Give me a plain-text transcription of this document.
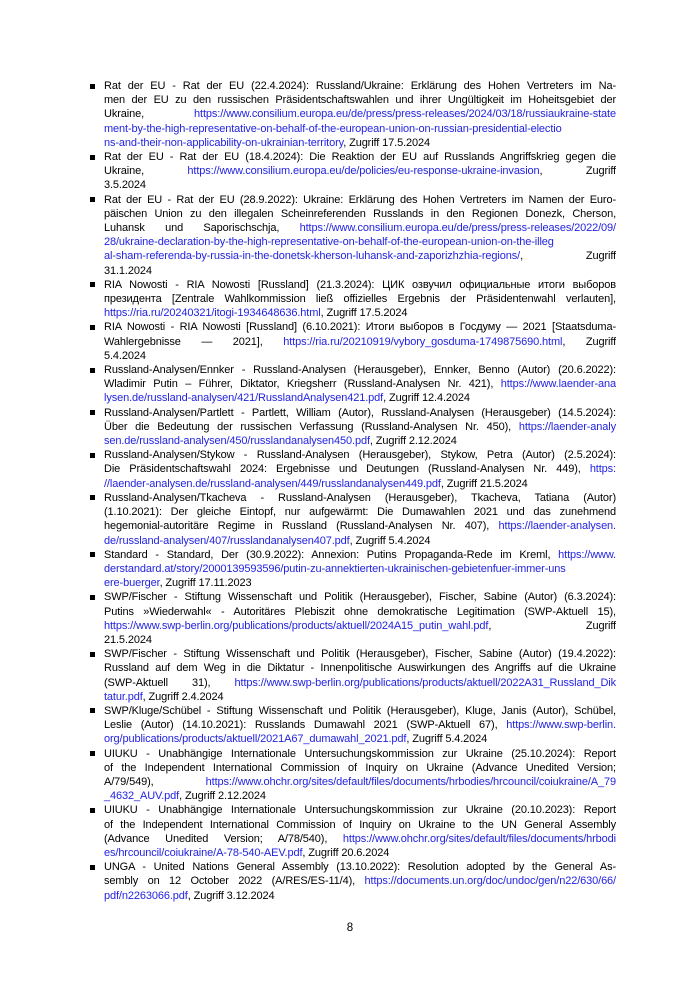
Rat der EU - Rat der EU (22.4.2024): Russland/Ukraine: Erklärung des Hohen Vertreters im Na-
men der EU zu den russischen Präsidentschaftswahlen und ihrer Ungültigkeit im Hoheitsgebiet der
Ukraine, https://www.consilium.europa.eu/de/press/press-releases/2024/03/18/russiaukraine-state
ment-by-the-high-representative-on-behalf-of-the-european-union-on-russian-presidential-electio
ns-and-their-non-applicability-on-ukrainian-territory, Zugriff 17.5.2024
Rat der EU - Rat der EU (18.4.2024): Die Reaktion der EU auf Russlands Angriffskrieg gegen die
Ukraine, https://www.consilium.europa.eu/de/policies/eu-response-ukraine-invasion, Zugriff
3.5.2024
Rat der EU - Rat der EU (28.9.2022): Ukraine: Erklärung des Hohen Vertreters im Namen der Euro-
päischen Union zu den illegalen Scheinreferenden Russlands in den Regionen Donezk, Cherson,
Luhansk und Saporischschja, https://www.consilium.europa.eu/de/press/press-releases/2022/09/
28/ukraine-declaration-by-the-high-representative-on-behalf-of-the-european-union-on-the-illeg
al-sham-referenda-by-russia-in-the-donetsk-kherson-luhansk-and-zaporizhzhia-regions/, Zugriff
31.1.2024
RIA Nowosti - RIA Nowosti [Russland] (21.3.2024): ЦИК озвучил официальные итоги выборов
президента [Zentrale Wahlkommission ließ offizielles Ergebnis der Präsidentenwahl verlauten],
https://ria.ru/20240321/itogi-1934648636.html, Zugriff 17.5.2024
RIA Nowosti - RIA Nowosti [Russland] (6.10.2021): Итоги выборов в Госдуму — 2021 [Staatsduma-
Wahlergebnisse — 2021], https://ria.ru/20210919/vybory_gosduma-1749875690.html, Zugriff
5.4.2024
Russland-Analysen/Ennker - Russland-Analysen (Herausgeber), Ennker, Benno (Autor) (20.6.2022):
Wladimir Putin – Führer, Diktator, Kriegsherr (Russland-Analysen Nr. 421), https://www.laender-ana
lysen.de/russland-analysen/421/RusslandAnalysen421.pdf, Zugriff 12.4.2024
Russland-Analysen/Partlett - Partlett, William (Autor), Russland-Analysen (Herausgeber) (14.5.2024):
Über die Bedeutung der russischen Verfassung (Russland-Analysen Nr. 450), https://laender-analy
sen.de/russland-analysen/450/russlandanalysen450.pdf, Zugriff 2.12.2024
Russland-Analysen/Stykow - Russland-Analysen (Herausgeber), Stykow, Petra (Autor) (2.5.2024):
Die Präsidentschaftswahl 2024: Ergebnisse und Deutungen (Russland-Analysen Nr. 449), https:
//laender-analysen.de/russland-analysen/449/russlandanalysen449.pdf, Zugriff 21.5.2024
Russland-Analysen/Tkacheva - Russland-Analysen (Herausgeber), Tkacheva, Tatiana (Autor)
(1.10.2021): Der gleiche Eintopf, nur aufgewärmt: Die Dumawahlen 2021 und das zunehmend
hegemonial-autoritäre Regime in Russland (Russland-Analysen Nr. 407), https://laender-analysen.
de/russland-analysen/407/russlandanalysen407.pdf, Zugriff 5.4.2024
Standard - Standard, Der (30.9.2022): Annexion: Putins Propaganda-Rede im Kreml, https://www.
derstandard.at/story/2000139593596/putin-zu-annektierten-ukrainischen-gebietenfuer-immer-uns
ere-buerger, Zugriff 17.11.2023
SWP/Fischer - Stiftung Wissenschaft und Politik (Herausgeber), Fischer, Sabine (Autor) (6.3.2024):
Putins »Wiederwahl« - Autoritäres Plebiszit ohne demokratische Legitimation (SWP-Aktuell 15),
https://www.swp-berlin.org/publications/products/aktuell/2024A15_putin_wahl.pdf, Zugriff
21.5.2024
SWP/Fischer - Stiftung Wissenschaft und Politik (Herausgeber), Fischer, Sabine (Autor) (19.4.2022):
Russland auf dem Weg in die Diktatur - Innenpolitische Auswirkungen des Angriffs auf die Ukraine
(SWP-Aktuell 31), https://www.swp-berlin.org/publications/products/aktuell/2022A31_Russland_Dik
tatur.pdf, Zugriff 2.4.2024
SWP/Kluge/Schübel - Stiftung Wissenschaft und Politik (Herausgeber), Kluge, Janis (Autor), Schübel,
Leslie (Autor) (14.10.2021): Russlands Dumawahl 2021 (SWP-Aktuell 67), https://www.swp-berlin.
org/publications/products/aktuell/2021A67_dumawahl_2021.pdf, Zugriff 5.4.2024
UIUKU - Unabhängige Internationale Untersuchungskommission zur Ukraine (25.10.2024): Report
of the Independent International Commission of Inquiry on Ukraine (Advance Unedited Version;
A/79/549), https://www.ohchr.org/sites/default/files/documents/hrbodies/hrcouncil/coiukraine/A_79
_4632_AUV.pdf, Zugriff 2.12.2024
UIUKU - Unabhängige Internationale Untersuchungskommission zur Ukraine (20.10.2023): Report
of the Independent International Commission of Inquiry on Ukraine to the UN General Assembly
(Advance Unedited Version; A/78/540), https://www.ohchr.org/sites/default/files/documents/hrbodi
es/hrcouncil/coiukraine/A-78-540-AEV.pdf, Zugriff 20.6.2024
UNGA - United Nations General Assembly (13.10.2022): Resolution adopted by the General As-
sembly on 12 October 2022 (A/RES/ES-11/4), https://documents.un.org/doc/undoc/gen/n22/630/66/
pdf/n2263066.pdf, Zugriff 3.12.2024
8
